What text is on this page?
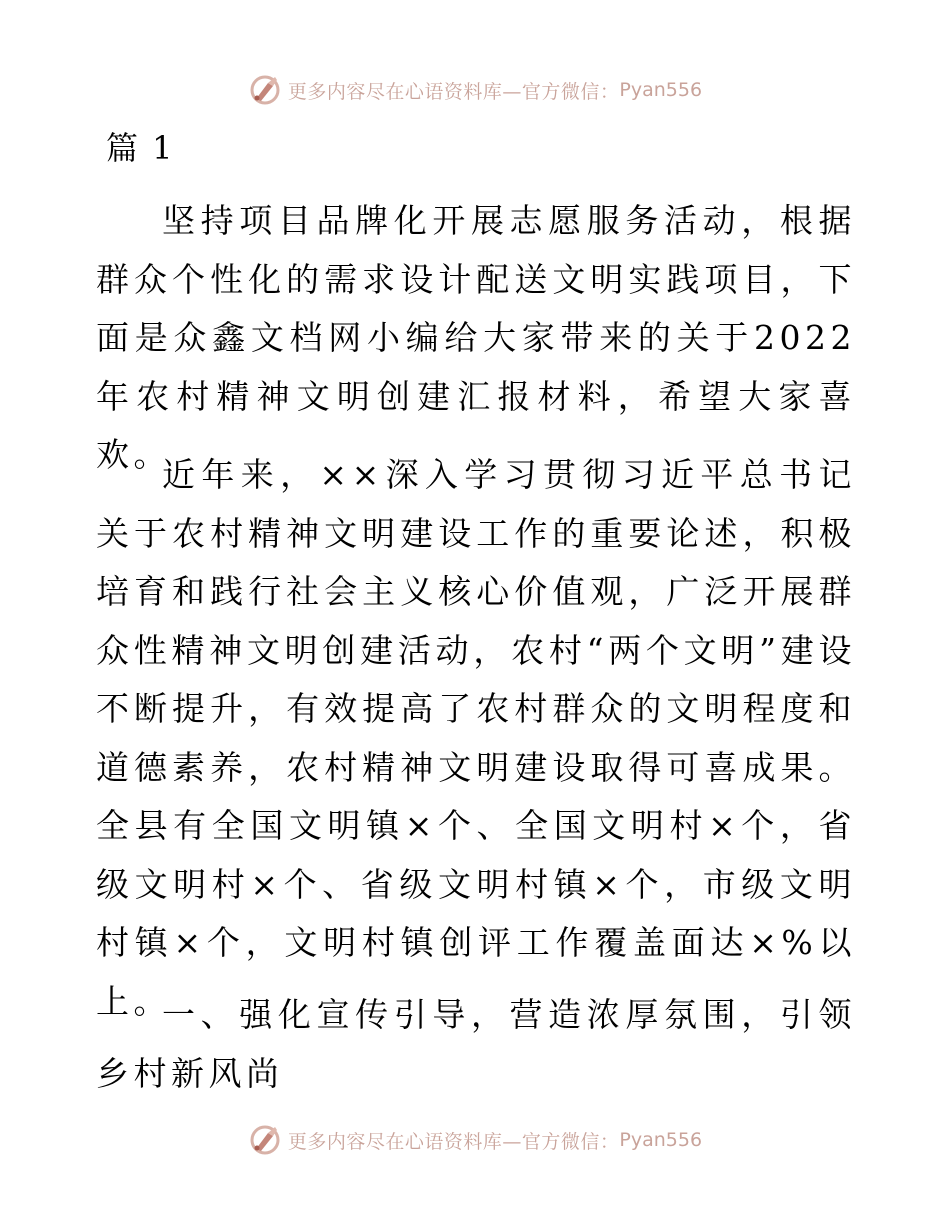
更多内容尽在心语资料库—官方微信： Pyan556
篇 1

坚持项目品牌化开展志愿服务活动，根据群众个性化的需求设计配送文明实践项目，下面是众鑫文档网小编给大家带来的关于2022年农村精神文明创建汇报材料，希望大家喜欢。

近年来，××深入学习贯彻习近平总书记关于农村精神文明建设工作的重要论述，积极培育和践行社会主义核心价值观，广泛开展群众性精神文明创建活动，农村“两个文明”建设不断提升，有效提高了农村群众的文明程度和道德素养，农村精神文明建设取得可喜成果。全县有全国文明镇×个、全国文明村×个，省级文明村×个、省级文明村镇×个，市级文明村镇×个，文明村镇创评工作覆盖面达×%以上。

一、强化宣传引导，营造浓厚氛围，引领乡村新风尚

更多内容尽在心语资料库—官方微信： Pyan556
